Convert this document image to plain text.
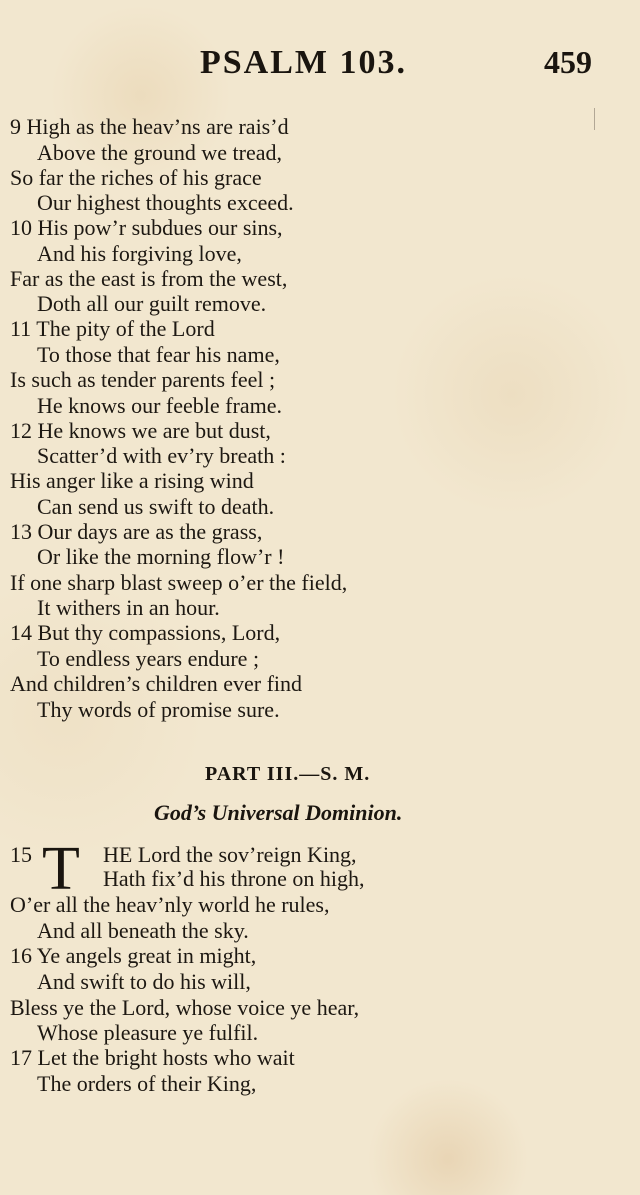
PSALM 103.	459
9 High as the heav’ns are rais’d
Above the ground we tread,
So far the riches of his grace
Our highest thoughts exceed.
10 His pow’r subdues our sins,
And his forgiving love,
Far as the east is from the west,
Doth all our guilt remove.
11 The pity of the Lord
To those that fear his name,
Is such as tender parents feel ;
He knows our feeble frame.
12 He knows we are but dust,
Scatter’d with ev’ry breath :
His anger like a rising wind
Can send us swift to death.
13 Our days are as the grass,
Or like the morning flow’r !
If one sharp blast sweep o’er the field,
It withers in an hour.
14 But thy compassions, Lord,
To endless years endure ;
And children’s children ever find
Thy words of promise sure.
PART III.—S. M.
God’s Universal Dominion.
15 T HE Lord the sov’reign King,
Hath fix’d his throne on high,
O’er all the heav’nly world he rules,
And all beneath the sky.
16 Ye angels great in might,
And swift to do his will,
Bless ye the Lord, whose voice ye hear,
Whose pleasure ye fulfil.
17 Let the bright hosts who wait
The orders of their King,
